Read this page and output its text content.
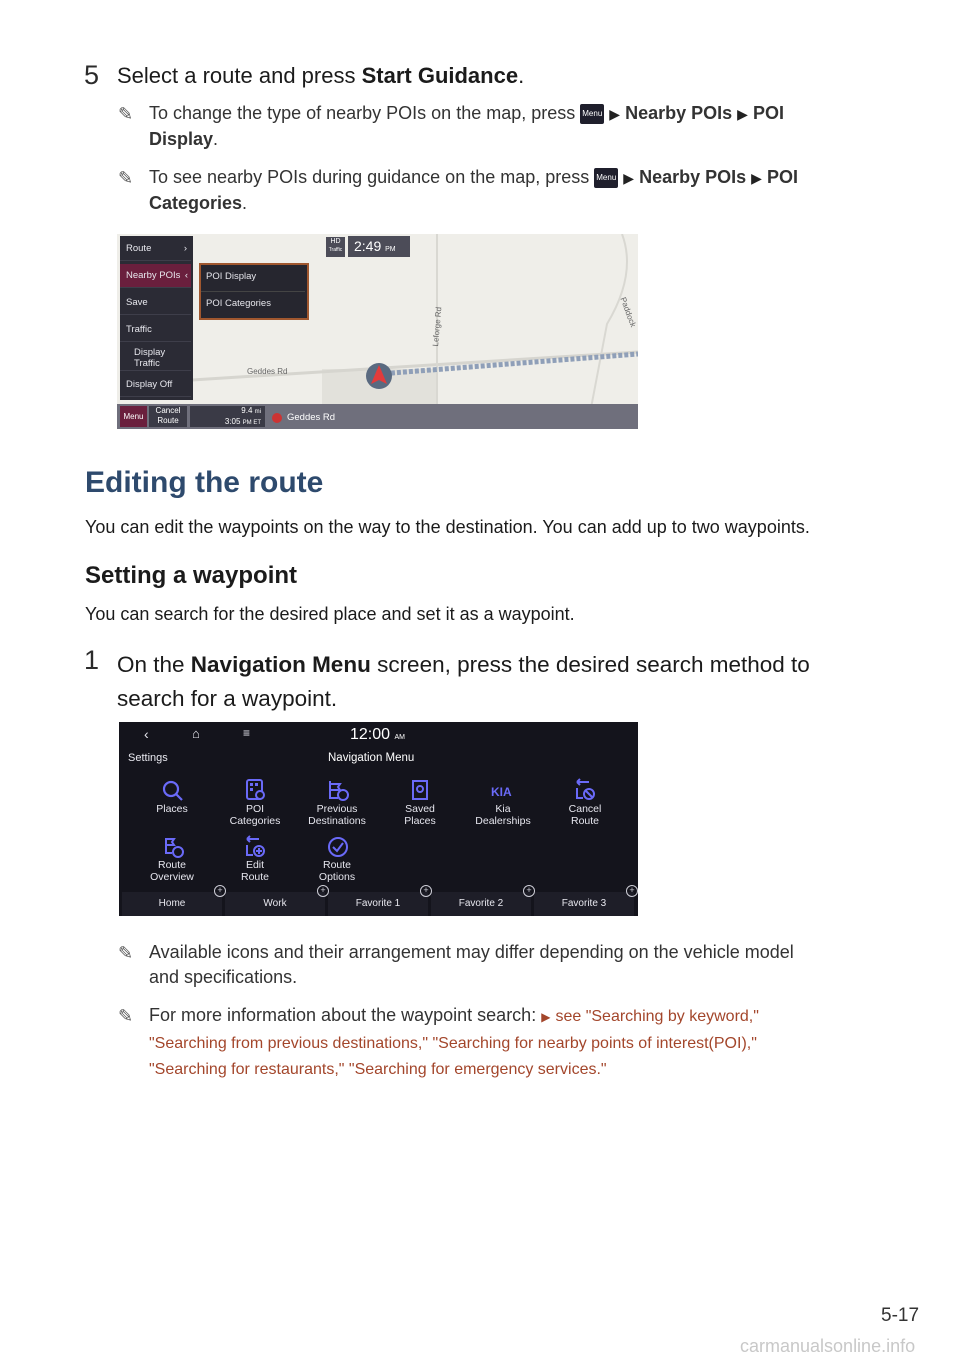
5 Select a route and press Start Guidance.
✎ To change the type of nearby POIs on the map, press Menu ▶ Nearby POIs ▶ POI
Display.
✎ To see nearby POIs during guidance on the map, press Menu ▶ Nearby POIs ▶ POI
Categories.
Geddes Rd
Leforge Rd	Paddock
Route	›
Nearby POIs ‹
Save
Traffic
Display Traffic
Display Off
POI Display
POI Categories
HD
Traffic 2:49 PM
Menu
Cancel
Route
9.4 mi
3:05 PM ET	Geddes Rd
Editing the route
You can edit the waypoints on the way to the destination. You can add up to two waypoints.
Setting a waypoint
You can search for the desired place and set it as a waypoint.
1 On the Navigation Menu screen, press the desired search method to
search for a waypoint.
‹	⌂	≡	12:00 AM
Settings	Navigation Menu
KIA
Places	POI
Categories
Previous
Destinations
Saved
Places
Kia
Dealerships
Cancel
Route
Route
Overview
Edit
Route
Route
Options
Home	Work	Favorite 1	Favorite 2	Favorite 3
+	+	+	+	+
✎ Available icons and their arrangement may differ depending on the vehicle model
and specifications.
✎ For more information about the waypoint search: ▶ see "Searching by keyword,"
"Searching from previous destinations," "Searching for nearby points of interest(POI),"
"Searching for restaurants," "Searching for emergency services."
5-17
carmanualsonline.info
